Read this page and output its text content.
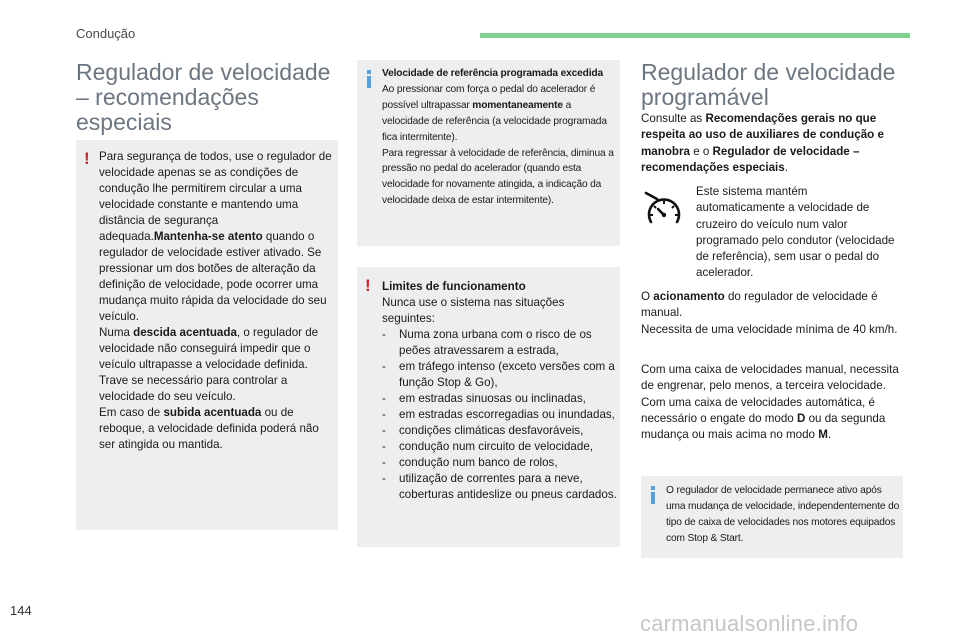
Condução
Regulador de velocidade – recomendações especiais
! Para segurança de todos, use o regulador de velocidade apenas se as condições de condução lhe permitirem circular a uma velocidade constante e mantendo uma distância de segurança adequada.Mantenha-se atento quando o regulador de velocidade estiver ativado. Se pressionar um dos botões de alteração da definição de velocidade, pode ocorrer uma mudança muito rápida da velocidade do seu veículo.
Numa descida acentuada, o regulador de velocidade não conseguirá impedir que o veículo ultrapasse a velocidade definida. Trave se necessário para controlar a velocidade do seu veículo.
Em caso de subida acentuada ou de reboque, a velocidade definida poderá não ser atingida ou mantida.
Velocidade de referência programada excedida
Ao pressionar com força o pedal do acelerador é possível ultrapassar momentaneamente a velocidade de referência (a velocidade programada fica intermitente).
Para regressar à velocidade de referência, diminua a pressão no pedal do acelerador (quando esta velocidade for novamente atingida, a indicação da velocidade deixa de estar intermitente).
! Limites de funcionamento
Nunca use o sistema nas situações seguintes:
- Numa zona urbana com o risco de os peões atravessarem a estrada,
- em tráfego intenso (exceto versões com a função Stop & Go),
- em estradas sinuosas ou inclinadas,
- em estradas escorregadias ou inundadas,
- condições climáticas desfavoráveis,
- condução num circuito de velocidade,
- condução num banco de rolos,
- utilização de correntes para a neve, coberturas antideslize ou pneus cardados.
Regulador de velocidade programável

Consulte as Recomendações gerais no que respeita ao uso de auxiliares de condução e manobra e o Regulador de velocidade – recomendações especiais.

Este sistema mantém automaticamente a velocidade de cruzeiro do veículo num valor programado pelo condutor (velocidade de referência), sem usar o pedal do acelerador.

O acionamento do regulador de velocidade é manual.
Necessita de uma velocidade mínima de 40 km/h.

Com uma caixa de velocidades manual, necessita de engrenar, pelo menos, a terceira velocidade.
Com uma caixa de velocidades automática, é necessário o engate do modo D ou da segunda mudança ou mais acima no modo M.

O regulador de velocidade permanece ativo após uma mudança de velocidade, independentemente do tipo de caixa de velocidades nos motores equipados com Stop & Start.
144
carmanualsonline.info
